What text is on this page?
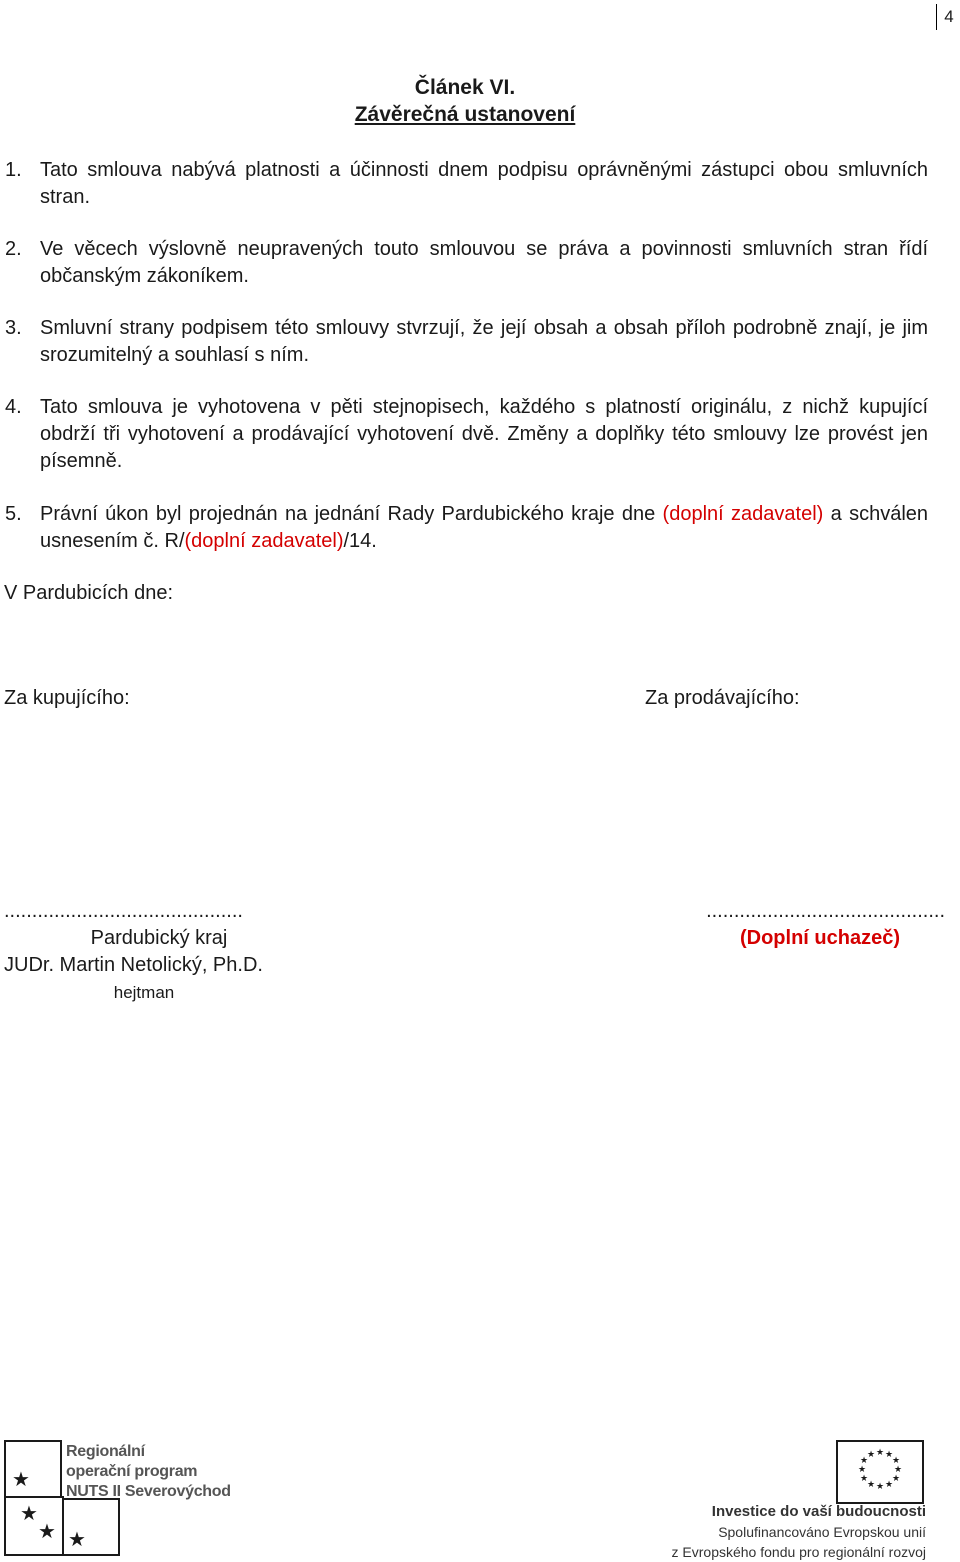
4
Článek VI.
Závěrečná ustanovení
1. Tato smlouva nabývá platnosti a účinnosti dnem podpisu oprávněnými zástupci obou smluvních stran.
2. Ve věcech výslovně neupravených touto smlouvou se práva a povinnosti smluvních stran řídí občanským zákoníkem.
3. Smluvní strany podpisem této smlouvy stvrzují, že její obsah a obsah příloh podrobně znají, je jim srozumitelný a souhlasí s ním.
4. Tato smlouva je vyhotovena v pěti stejnopisech, každého s platností originálu, z nichž kupující obdrží tři vyhotovení a prodávající vyhotovení dvě. Změny a doplňky této smlouvy lze provést jen písemně.
5. Právní úkon byl projednán na jednání Rady Pardubického kraje dne (doplní zadavatel) a schválen usnesením č. R/(doplní zadavatel)/14.
V Pardubicích dne:
Za kupujícího:	Za prodávajícího:
...........................................
Pardubický kraj
JUDr. Martin Netolický, Ph.D.
hejtman
...........................................
(Doplní uchazeč)
★
★
★ ★
Regionální
operační program
NUTS II Severovýchod
★ ★
★
★
★
★
★
★
★
★
★
★
Investice do vaší budoucnosti
Spolufinancováno Evropskou unií
z Evropského fondu pro regionální rozvoj
